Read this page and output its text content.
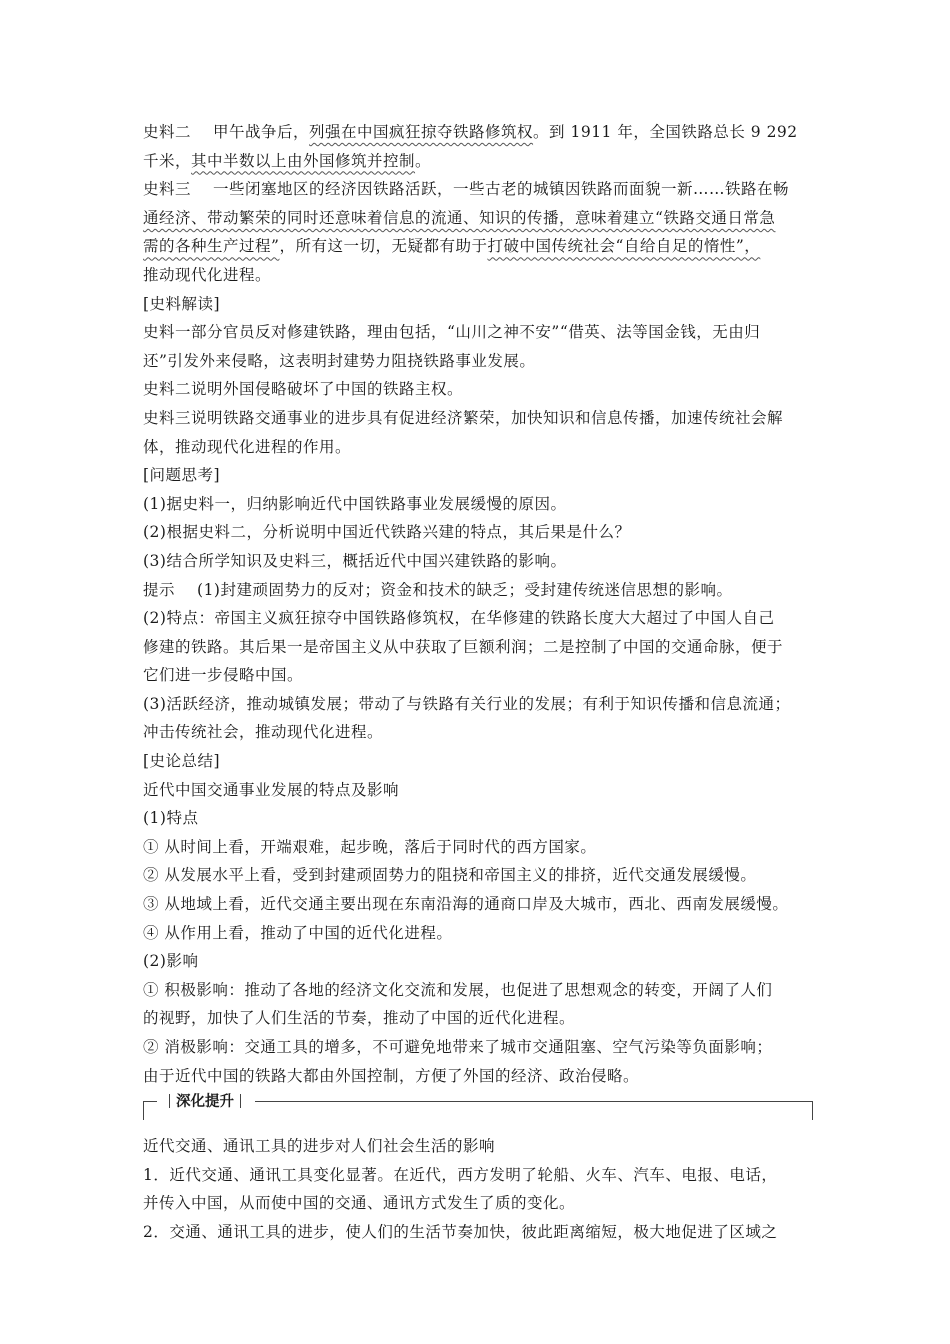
史料二 甲午战争后，列强在中国疯狂掠夺铁路修筑权。到 1911 年，全国铁路总长 9 292
千米，其中半数以上由外国修筑并控制。
史料三 一些闭塞地区的经济因铁路活跃，一些古老的城镇因铁路而面貌一新……铁路在畅
通经济、带动繁荣的同时还意味着信息的流通、知识的传播，意味着建立“铁路交通日常急
需的各种生产过程”，所有这一切，无疑都有助于打破中国传统社会“自给自足的惰性”，
推动现代化进程。
[史料解读]
史料一部分官员反对修建铁路，理由包括，“山川之神不安”“借英、法等国金钱，无由归
还”引发外来侵略，这表明封建势力阻挠铁路事业发展。
史料二说明外国侵略破坏了中国的铁路主权。
史料三说明铁路交通事业的进步具有促进经济繁荣，加快知识和信息传播，加速传统社会解
体，推动现代化进程的作用。
[问题思考]
(1)据史料一，归纳影响近代中国铁路事业发展缓慢的原因。
(2)根据史料二，分析说明中国近代铁路兴建的特点，其后果是什么？
(3)结合所学知识及史料三，概括近代中国兴建铁路的影响。
提示 (1)封建顽固势力的反对；资金和技术的缺乏；受封建传统迷信思想的影响。
(2)特点：帝国主义疯狂掠夺中国铁路修筑权，在华修建的铁路长度大大超过了中国人自己
修建的铁路。其后果一是帝国主义从中获取了巨额利润；二是控制了中国的交通命脉，便于
它们进一步侵略中国。
(3)活跃经济，推动城镇发展；带动了与铁路有关行业的发展；有利于知识传播和信息流通；
冲击传统社会，推动现代化进程。
[史论总结]
近代中国交通事业发展的特点及影响
(1)特点
① 从时间上看，开端艰难，起步晚，落后于同时代的西方国家。
② 从发展水平上看，受到封建顽固势力的阻挠和帝国主义的排挤，近代交通发展缓慢。
③ 从地域上看，近代交通主要出现在东南沿海的通商口岸及大城市，西北、西南发展缓慢。
④ 从作用上看，推动了中国的近代化进程。
(2)影响
① 积极影响：推动了各地的经济文化交流和发展，也促进了思想观念的转变，开阔了人们
的视野，加快了人们生活的节奏，推动了中国的近代化进程。
② 消极影响：交通工具的增多，不可避免地带来了城市交通阻塞、空气污染等负面影响；
由于近代中国的铁路大都由外国控制，方便了外国的经济、政治侵略。
深化提升
近代交通、通讯工具的进步对人们社会生活的影响
1．近代交通、通讯工具变化显著。在近代，西方发明了轮船、火车、汽车、电报、电话，
并传入中国，从而使中国的交通、通讯方式发生了质的变化。
2．交通、通讯工具的进步，使人们的生活节奏加快，彼此距离缩短，极大地促进了区域之
